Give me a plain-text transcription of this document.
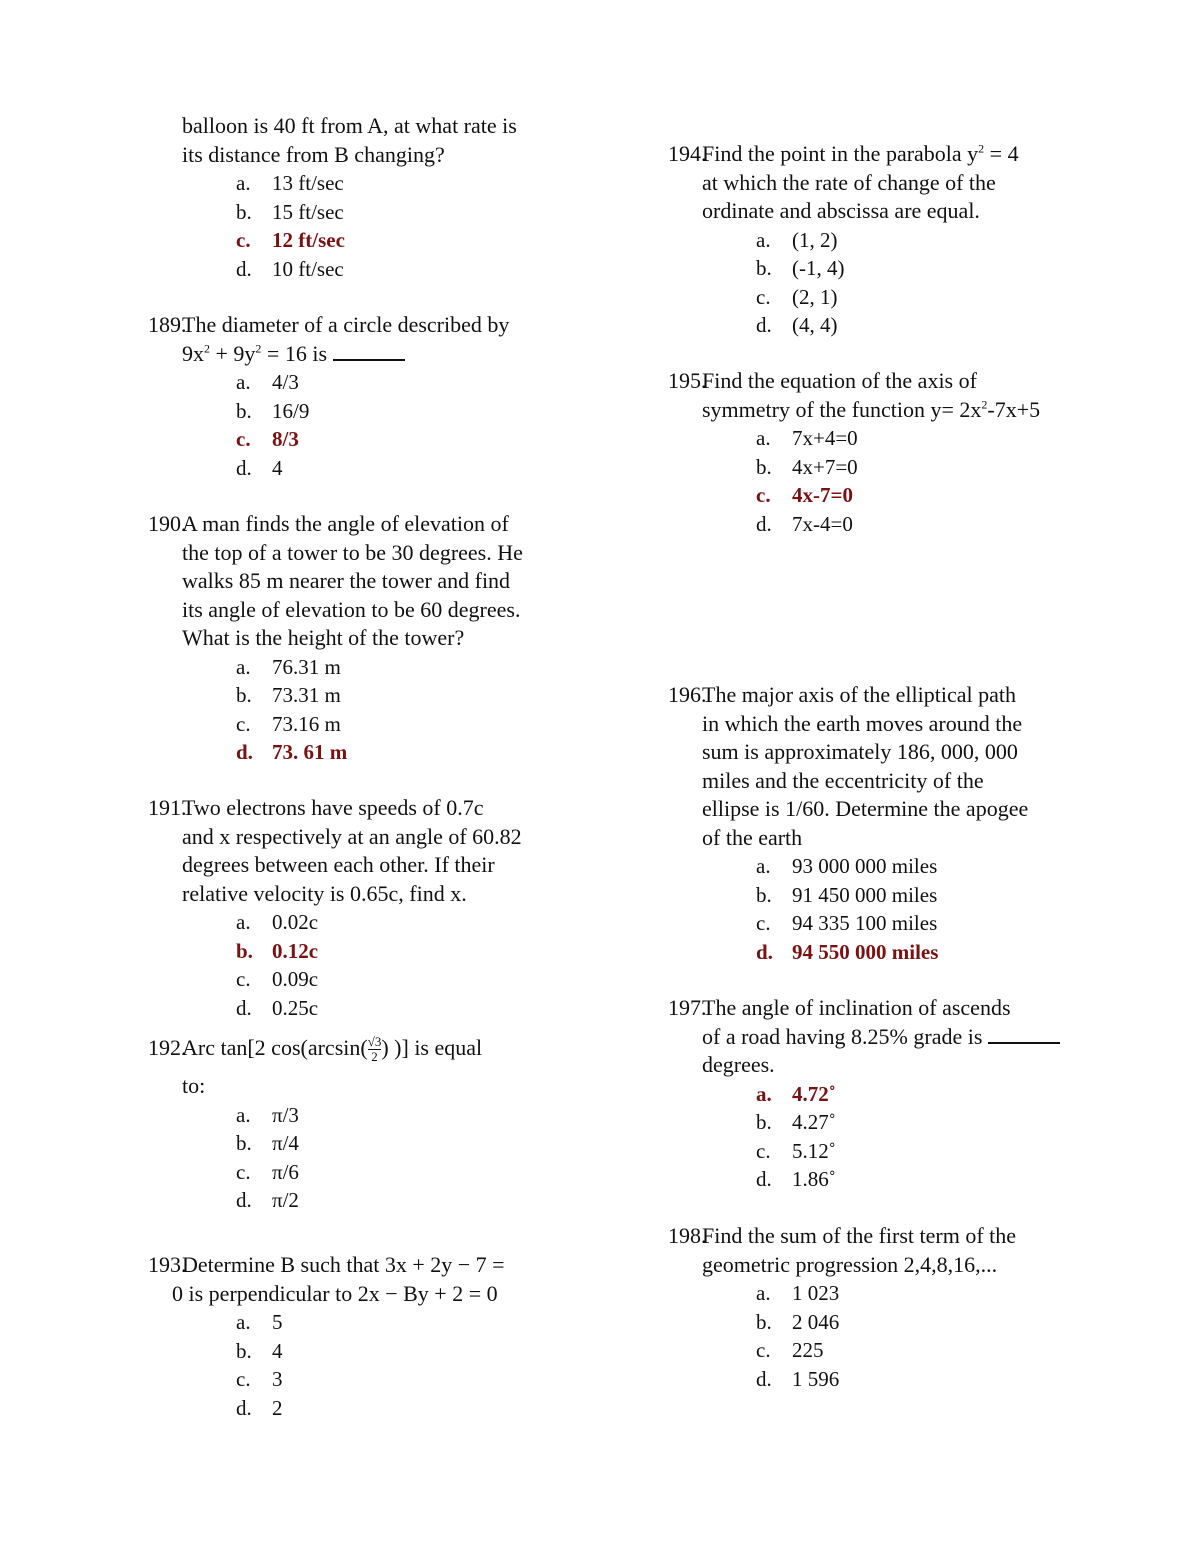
balloon is 40 ft from A, at what rate is
its distance from B changing?
a. 13 ft/sec
b. 15 ft/sec
c. 12 ft/sec
d. 10 ft/sec
189.The diameter of a circle described by
$9x^2 + 9y^2 = 16$ is
a. 4/3
b. 16/9
c. 8/3
d. 4
190.A man finds the angle of elevation of
the top of a tower to be 30 degrees. He
walks 85 m nearer the tower and find
its angle of elevation to be 60 degrees.
What is the height of the tower?
a. 76.31 m
b. 73.31 m
c. 73.16 m
d. 73. 61 m
191.Two electrons have speeds of 0.7c
and x respectively at an angle of 60.82
degrees between each other. If their
relative velocity is 0.65c, find x.
a. 0.02c
b. 0.12c
c. 0.09c
d. 0.25c
192.Arc tan[2 $\cos(\arcsin( \frac{√3}{2}$ ) )] is equal
to:
a. π/3
b. π/4
c. π/6
d. π/2
193.Determine B such that 3x + 2y − 7 =
0 is perpendicular to 2x − By + 2 = 0
a. 5
b. 4
c. 3
d. 2
194.Find the point in the parabola $y^2 = 4$
at which the rate of change of the
ordinate and abscissa are equal.
a. (1, 2)
b. (-1, 4)
c. (2, 1)
d. (4, 4)
195.Find the equation of the axis of
symmetry of the function $y= 2x^2-7x+5$
a. 7x+4=0
b. 4x+7=0
c. 4x-7=0
d. 7x-4=0
196.The major axis of the elliptical path
in which the earth moves around the
sum is approximately 186, 000, 000
miles and the eccentricity of the
ellipse is 1/60. Determine the apogee
of the earth
a. 93 000 000 miles
b. 91 450 000 miles
c. 94 335 100 miles
d. 94 550 000 miles
197.The angle of inclination of ascends
of a road having 8.25% grade is
degrees.
a. 4.72˚
b. 4.27˚
c. 5.12˚
d. 1.86˚
198.Find the sum of the first term of the
geometric progression 2,4,8,16,...
a. 1 023
b. 2 046
c. 225
d. 1 596
